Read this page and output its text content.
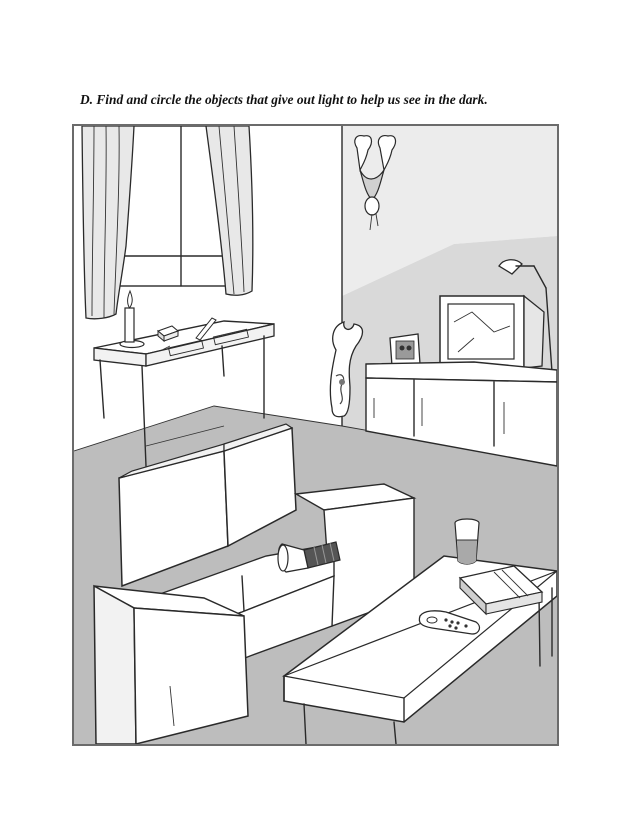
D. Find and circle the objects that give out light to help us see in the dark.
